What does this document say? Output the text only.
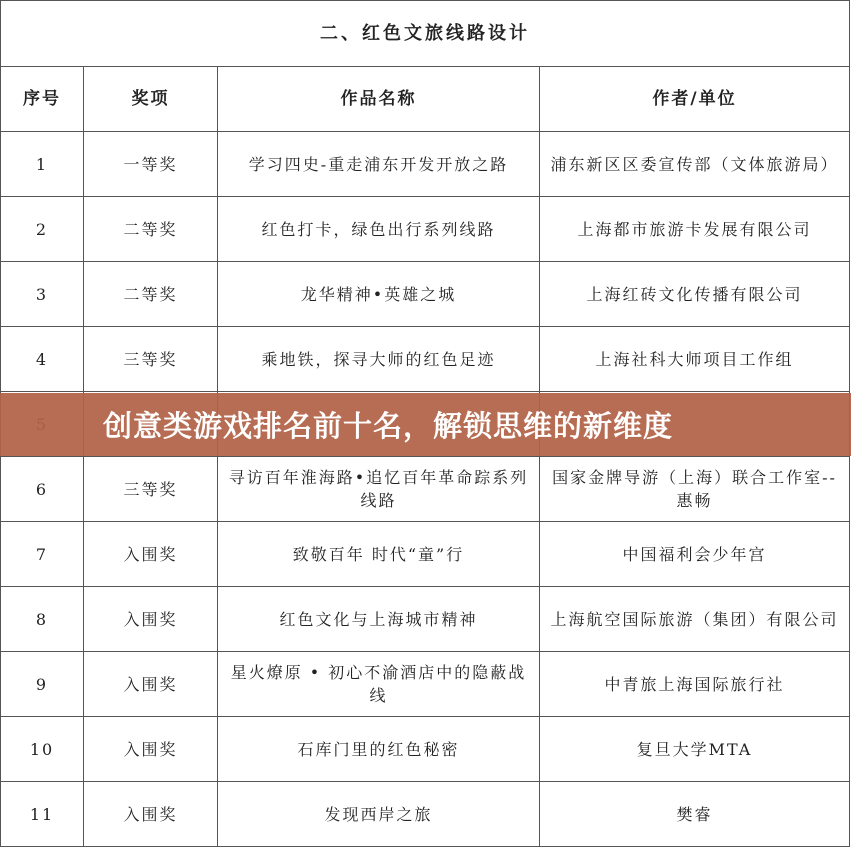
二、红色文旅线路设计			
序号	奖项	作品名称	作者/单位
1	一等奖	学习四史-重走浦东开发开放之路	浦东新区区委宣传部（文体旅游局）
2	二等奖	红色打卡，绿色出行系列线路	上海都市旅游卡发展有限公司
3	二等奖	龙华精神•英雄之城	上海红砖文化传播有限公司
4	三等奖	乘地铁，探寻大师的红色足迹	上海社科大师项目工作组

6	三等奖	寻访百年淮海路•追忆百年革命踪系列线路	国家金牌导游（上海）联合工作室--惠畅
7	入围奖	致敬百年 时代“童”行	中国福利会少年宫
8	入围奖	红色文化与上海城市精神	上海航空国际旅游（集团）有限公司
9	入围奖	星火燎原 • 初心不渝酒店中的隐蔽战线	中青旅上海国际旅行社
10	入围奖	石库门里的红色秘密	复旦大学MTA
11	入围奖	发现西岸之旅	樊睿
创意类游戏排名前十名，解锁思维的新维度
